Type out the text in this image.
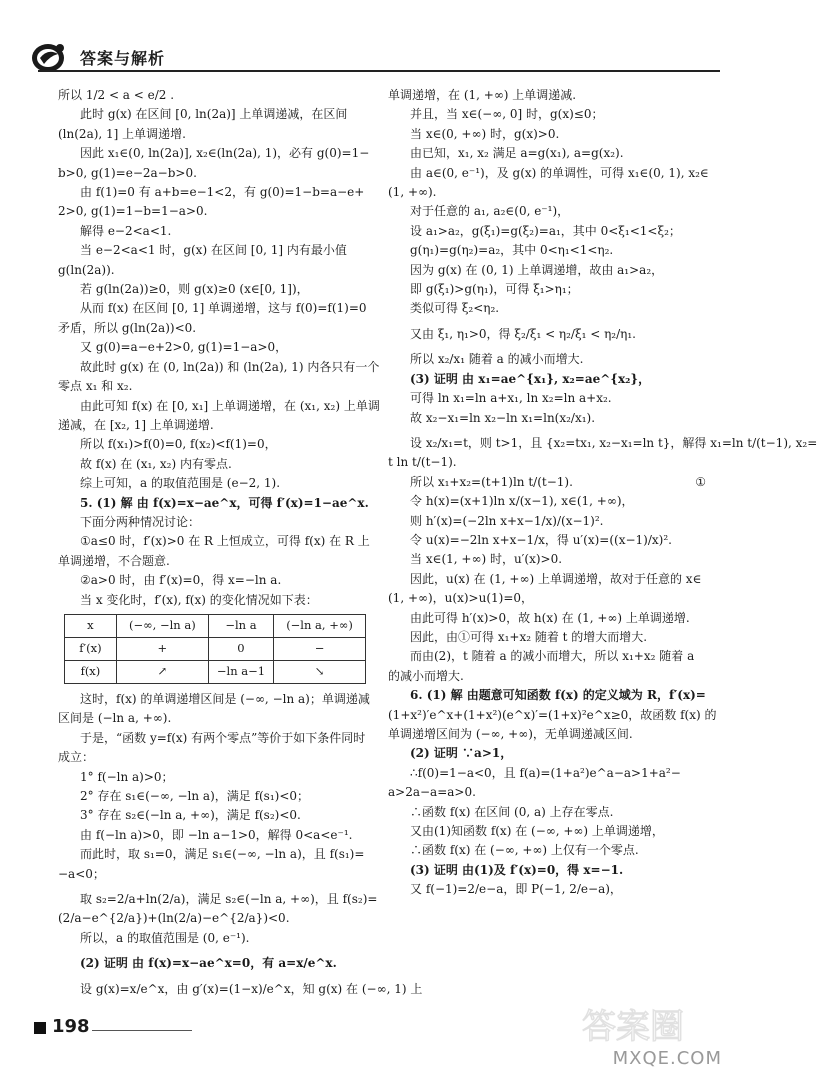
答案与解析
所以 1/2 < a < e/2 .
此时 g(x) 在区间 [0, ln(2a)] 上单调递减，在区间
(ln(2a), 1] 上单调递增.
因此 x₁∈(0, ln(2a)], x₂∈(ln(2a), 1)，必有 g(0)=1−
b>0, g(1)=e−2a−b>0.
由 f(1)=0 有 a+b=e−1<2，有 g(0)=1−b=a−e+
2>0, g(1)=1−b=1−a>0.
解得 e−2<a<1.
当 e−2<a<1 时，g(x) 在区间 [0, 1] 内有最小值
g(ln(2a)).
若 g(ln(2a))≥0，则 g(x)≥0 (x∈[0, 1])，
从而 f(x) 在区间 [0, 1] 单调递增，这与 f(0)=f(1)=0
矛盾，所以 g(ln(2a))<0.
又 g(0)=a−e+2>0, g(1)=1−a>0，
故此时 g(x) 在 (0, ln(2a)) 和 (ln(2a), 1) 内各只有一个
零点 x₁ 和 x₂.
由此可知 f(x) 在 [0, x₁] 上单调递增，在 (x₁, x₂) 上单调
递减，在 [x₂, 1] 上单调递增.
所以 f(x₁)>f(0)=0, f(x₂)<f(1)=0，
故 f(x) 在 (x₁, x₂) 内有零点.
综上可知，a 的取值范围是 (e−2, 1).
5. (1) 解 由 f(x)=x−ae^x，可得 f′(x)=1−ae^x.
下面分两种情况讨论：
①a≤0 时，f′(x)>0 在 R 上恒成立，可得 f(x) 在 R 上
单调递增，不合题意.
②a>0 时，由 f′(x)=0，得 x=−ln a.
当 x 变化时，f′(x), f(x) 的变化情况如下表：
x	(−∞, −ln a)	−ln a	(−ln a, +∞)
f′(x)	+	0	−
f(x)	↗	−ln a−1	↘
这时，f(x) 的单调递增区间是 (−∞, −ln a)；单调递减
区间是 (−ln a, +∞).
于是，“函数 y=f(x) 有两个零点”等价于如下条件同时
成立：
1° f(−ln a)>0；
2° 存在 s₁∈(−∞, −ln a)，满足 f(s₁)<0；
3° 存在 s₂∈(−ln a, +∞)，满足 f(s₂)<0.
由 f(−ln a)>0，即 −ln a−1>0，解得 0<a<e⁻¹.
而此时，取 s₁=0，满足 s₁∈(−∞, −ln a)，且 f(s₁)=
−a<0；
取 s₂=2/a+ln(2/a)，满足 s₂∈(−ln a, +∞)，且 f(s₂)=
(2/a−e^{2/a})+(ln(2/a)−e^{2/a})<0.
所以，a 的取值范围是 (0, e⁻¹).
(2) 证明 由 f(x)=x−ae^x=0，有 a=x/e^x.
设 g(x)=x/e^x，由 g′(x)=(1−x)/e^x，知 g(x) 在 (−∞, 1) 上
单调递增，在 (1, +∞) 上单调递减.
并且，当 x∈(−∞, 0] 时，g(x)≤0；
当 x∈(0, +∞) 时，g(x)>0.
由已知，x₁, x₂ 满足 a=g(x₁), a=g(x₂).
由 a∈(0, e⁻¹)，及 g(x) 的单调性，可得 x₁∈(0, 1), x₂∈
(1, +∞).
对于任意的 a₁, a₂∈(0, e⁻¹)，
设 a₁>a₂，g(ξ₁)=g(ξ₂)=a₁，其中 0<ξ₁<1<ξ₂；
g(η₁)=g(η₂)=a₂，其中 0<η₁<1<η₂.
因为 g(x) 在 (0, 1) 上单调递增，故由 a₁>a₂，
即 g(ξ₁)>g(η₁)，可得 ξ₁>η₁；
类似可得 ξ₂<η₂.
又由 ξ₁, η₁>0，得 ξ₂/ξ₁ < η₂/ξ₁ < η₂/η₁.
所以 x₂/x₁ 随着 a 的减小而增大.
(3) 证明 由 x₁=ae^{x₁}, x₂=ae^{x₂}，
可得 ln x₁=ln a+x₁, ln x₂=ln a+x₂.
故 x₂−x₁=ln x₂−ln x₁=ln(x₂/x₁).
设 x₂/x₁=t，则 t>1，且 {x₂=tx₁, x₂−x₁=ln t}，解得 x₁=ln t/(t−1), x₂=
t ln t/(t−1).
所以 x₁+x₂=(t+1)ln t/(t−1).	①
令 h(x)=(x+1)ln x/(x−1), x∈(1, +∞)，
则 h′(x)=(−2ln x+x−1/x)/(x−1)².
令 u(x)=−2ln x+x−1/x，得 u′(x)=((x−1)/x)².
当 x∈(1, +∞) 时，u′(x)>0.
因此，u(x) 在 (1, +∞) 上单调递增，故对于任意的 x∈
(1, +∞)，u(x)>u(1)=0，
由此可得 h′(x)>0，故 h(x) 在 (1, +∞) 上单调递增.
因此，由①可得 x₁+x₂ 随着 t 的增大而增大.
而由(2)，t 随着 a 的减小而增大，所以 x₁+x₂ 随着 a
的减小而增大.
6. (1) 解 由题意可知函数 f(x) 的定义域为 R，f′(x)=
(1+x²)′e^x+(1+x²)(e^x)′=(1+x)²e^x≥0，故函数 f(x) 的
单调递增区间为 (−∞, +∞)，无单调递减区间.
(2) 证明 ∵a>1，
∴f(0)=1−a<0，且 f(a)=(1+a²)e^a−a>1+a²−
a>2a−a=a>0.
∴函数 f(x) 在区间 (0, a) 上存在零点.
又由(1)知函数 f(x) 在 (−∞, +∞) 上单调递增，
∴函数 f(x) 在 (−∞, +∞) 上仅有一个零点.
(3) 证明 由(1)及 f′(x)=0，得 x=−1.
又 f(−1)=2/e−a，即 P(−1, 2/e−a)，
198	答案圈
MXQE.COM
